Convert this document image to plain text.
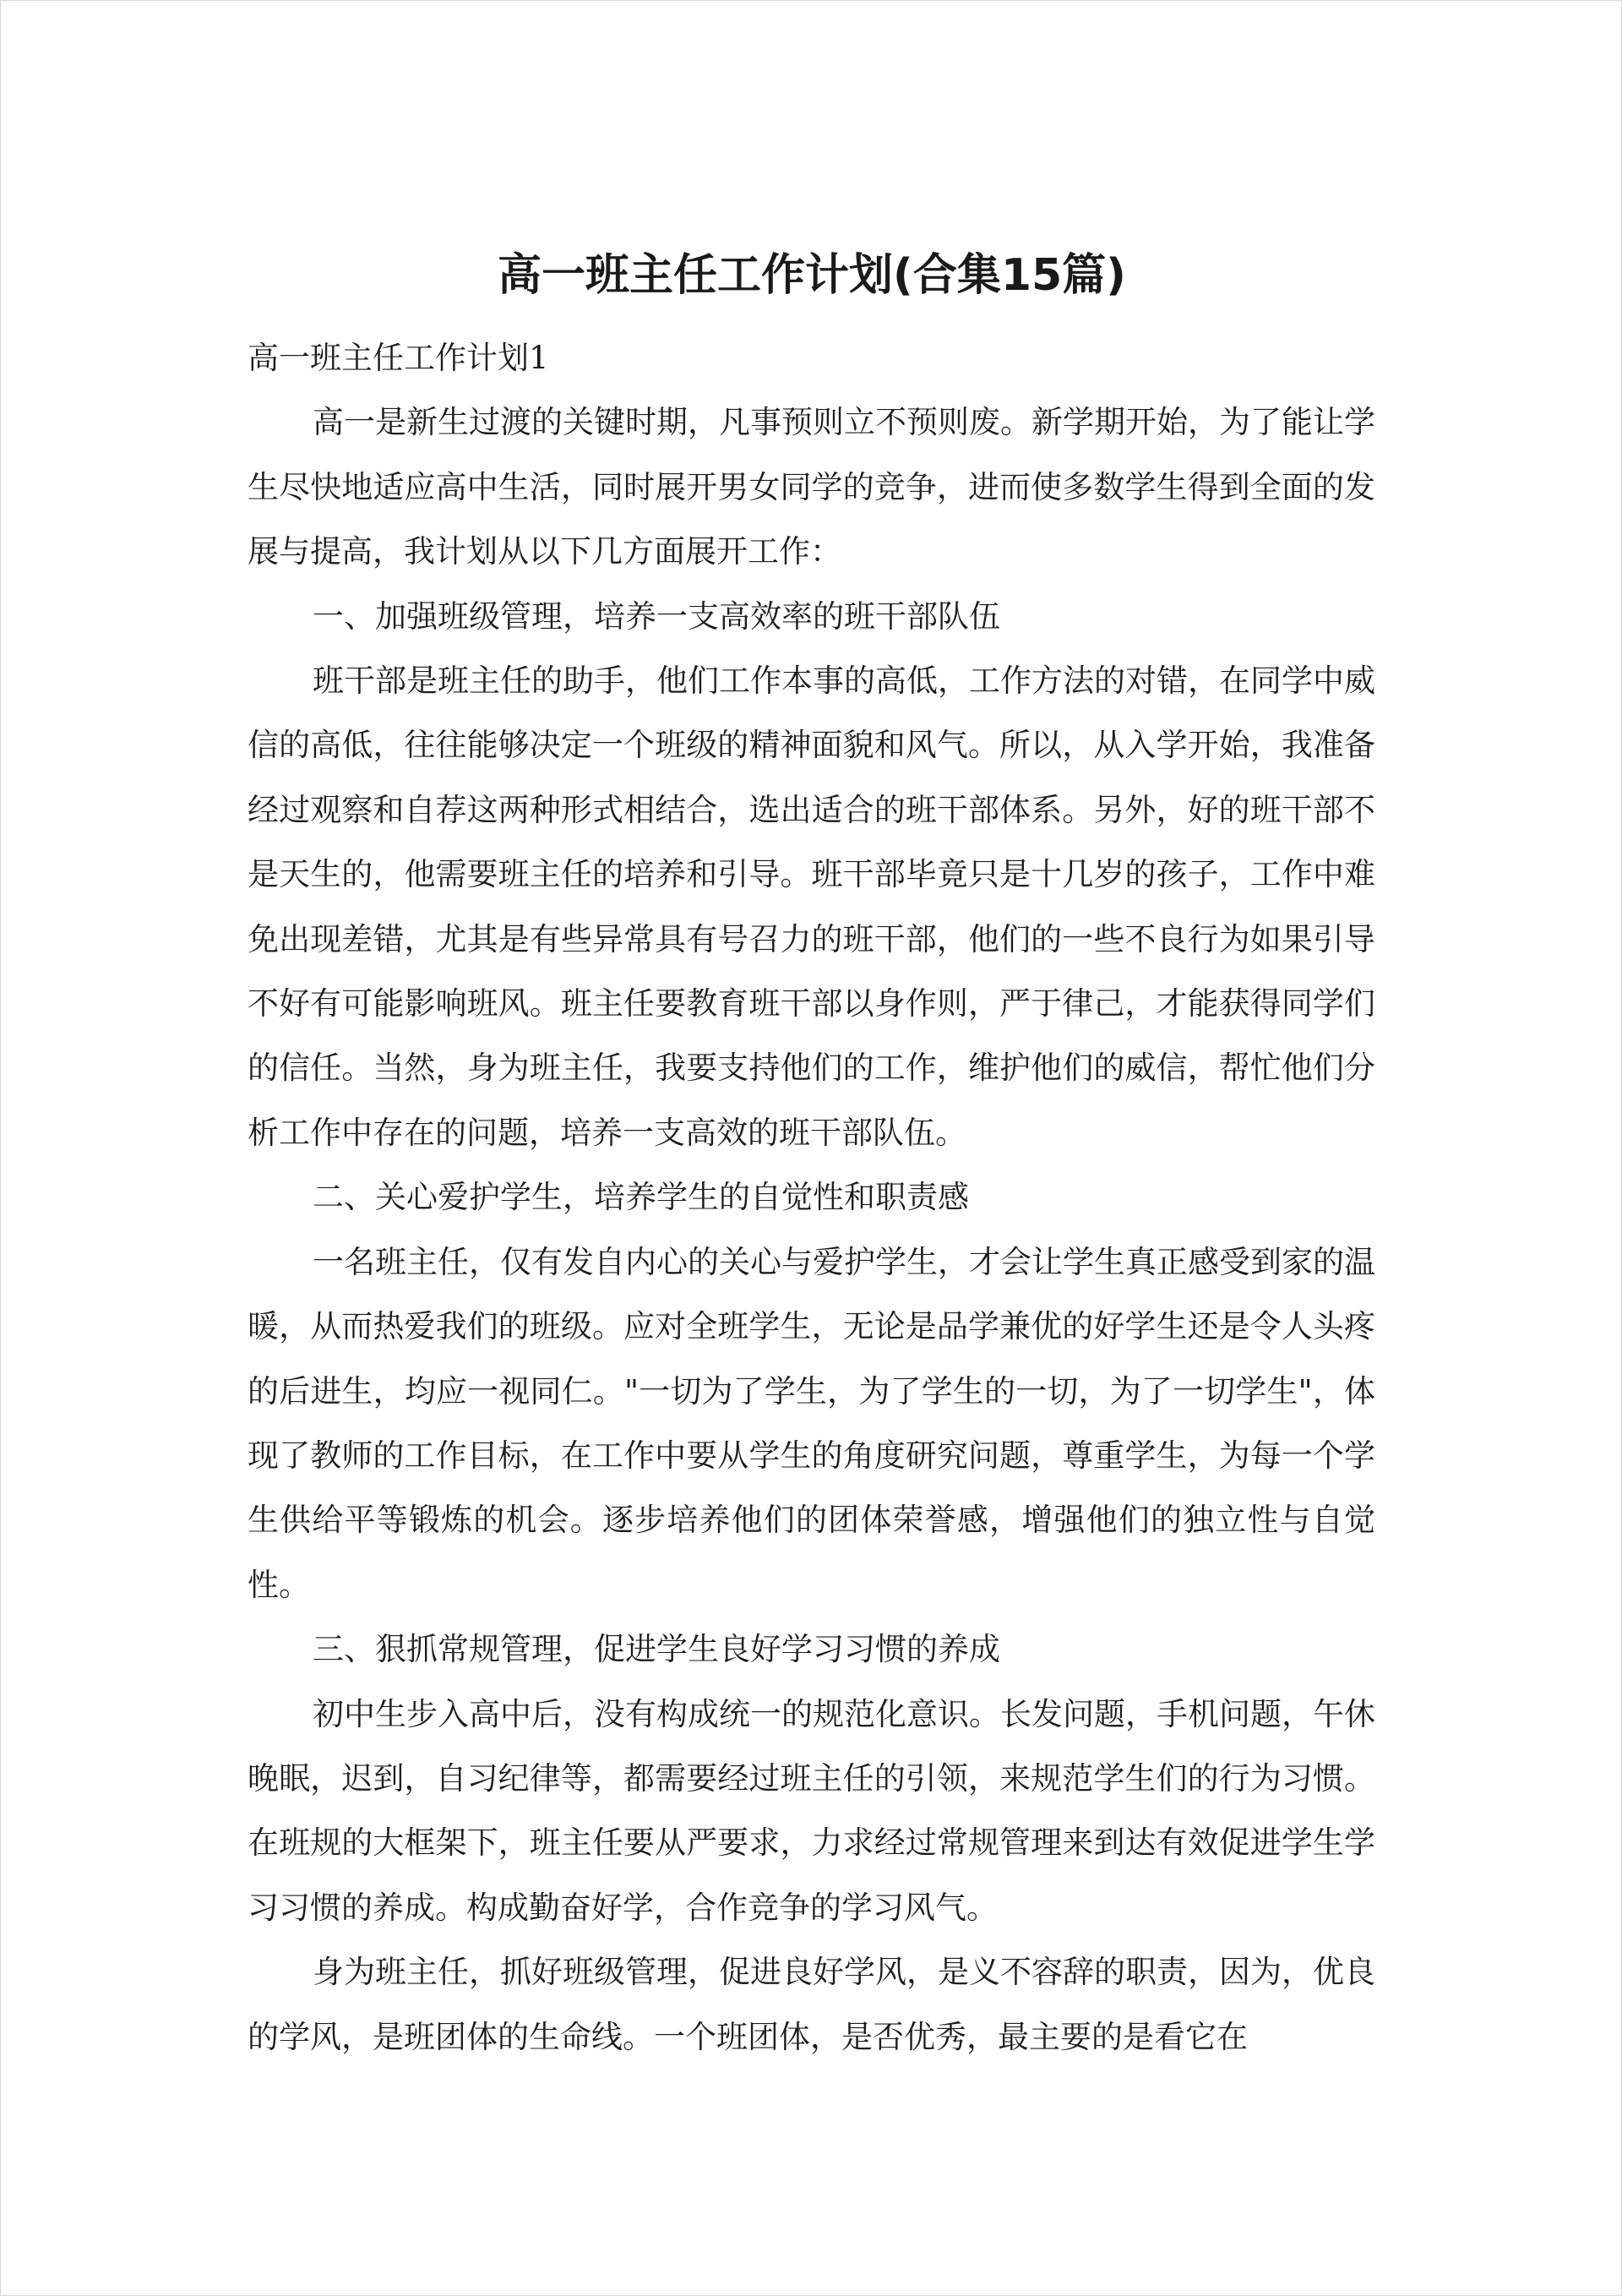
高一班主任工作计划(合集15篇)

高一班主任工作计划1

高一是新生过渡的关键时期，凡事预则立不预则废。新学期开始，为了能让学生尽快地适应高中生活，同时展开男女同学的竞争，进而使多数学生得到全面的发展与提高，我计划从以下几方面展开工作：

一、加强班级管理，培养一支高效率的班干部队伍

班干部是班主任的助手，他们工作本事的高低，工作方法的对错，在同学中威信的高低，往往能够决定一个班级的精神面貌和风气。所以，从入学开始，我准备经过观察和自荐这两种形式相结合，选出适合的班干部体系。另外，好的班干部不是天生的，他需要班主任的培养和引导。班干部毕竟只是十几岁的孩子，工作中难免出现差错，尤其是有些异常具有号召力的班干部，他们的一些不良行为如果引导不好有可能影响班风。班主任要教育班干部以身作则，严于律己，才能获得同学们的信任。当然，身为班主任，我要支持他们的工作，维护他们的威信，帮忙他们分析工作中存在的问题，培养一支高效的班干部队伍。

二、关心爱护学生，培养学生的自觉性和职责感

一名班主任，仅有发自内心的关心与爱护学生，才会让学生真正感受到家的温暖，从而热爱我们的班级。应对全班学生，无论是品学兼优的好学生还是令人头疼的后进生，均应一视同仁。"一切为了学生，为了学生的一切，为了一切学生"，体现了教师的工作目标，在工作中要从学生的角度研究问题，尊重学生，为每一个学生供给平等锻炼的机会。逐步培养他们的团体荣誉感，增强他们的独立性与自觉性。

三、狠抓常规管理，促进学生良好学习习惯的养成

初中生步入高中后，没有构成统一的规范化意识。长发问题，手机问题，午休晚眠，迟到，自习纪律等，都需要经过班主任的引领，来规范学生们的行为习惯。在班规的大框架下，班主任要从严要求，力求经过常规管理来到达有效促进学生学习习惯的养成。构成勤奋好学，合作竞争的学习风气。

身为班主任，抓好班级管理，促进良好学风，是义不容辞的职责，因为，优良的学风，是班团体的生命线。一个班团体，是否优秀，最主要的是看它在
